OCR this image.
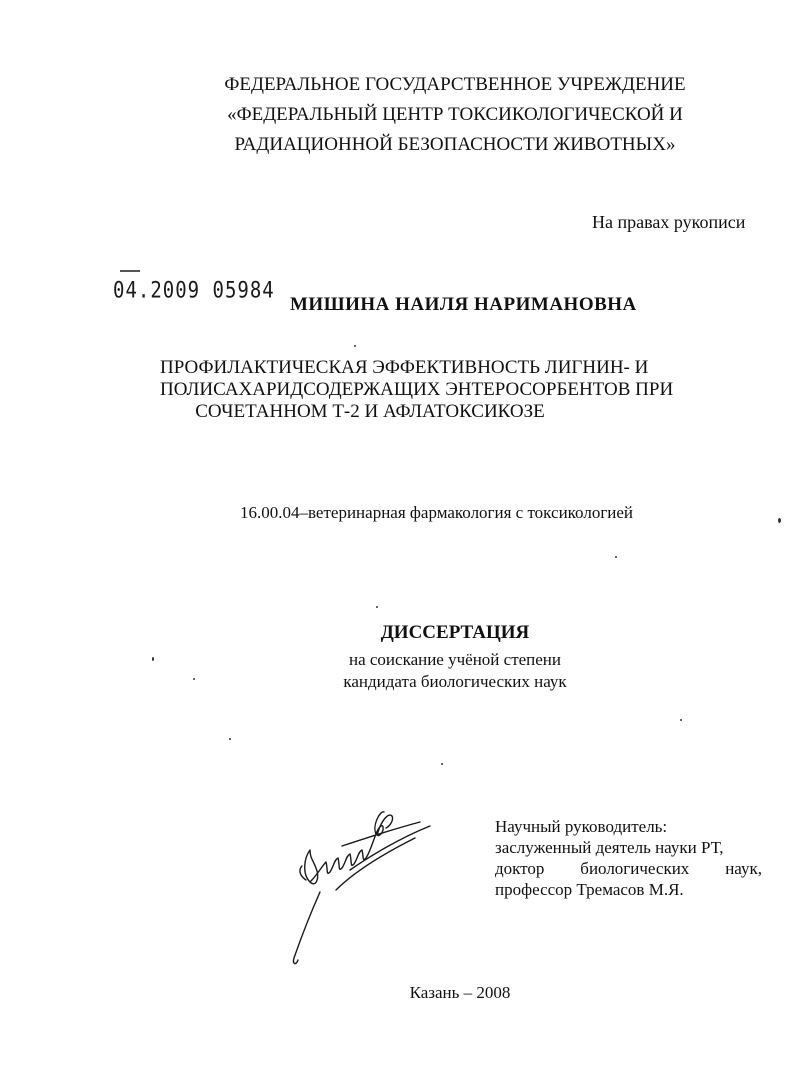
ФЕДЕРАЛЬНОЕ ГОСУДАРСТВЕННОЕ УЧРЕЖДЕНИЕ
«ФЕДЕРАЛЬНЫЙ ЦЕНТР ТОКСИКОЛОГИЧЕСКОЙ И
РАДИАЦИОННОЙ БЕЗОПАСНОСТИ ЖИВОТНЫХ»
На правах рукописи
04.2009 05984
МИШИНА НАИЛЯ НАРИМАНОВНА
ПРОФИЛАКТИЧЕСКАЯ ЭФФЕКТИВНОСТЬ ЛИГНИН- И
ПОЛИСАХАРИДСОДЕРЖАЩИХ ЭНТЕРОСОРБЕНТОВ ПРИ
СОЧЕТАННОМ Т-2 И АФЛАТОКСИКОЗЕ
16.00.04–ветеринарная фармакология с токсикологией
ДИССЕРТАЦИЯ
на соискание учёной степени
кандидата биологических наук
Научный руководитель:
заслуженный деятель науки РТ,
доктор биологических наук,
профессор Тремасов М.Я.
Казань – 2008
